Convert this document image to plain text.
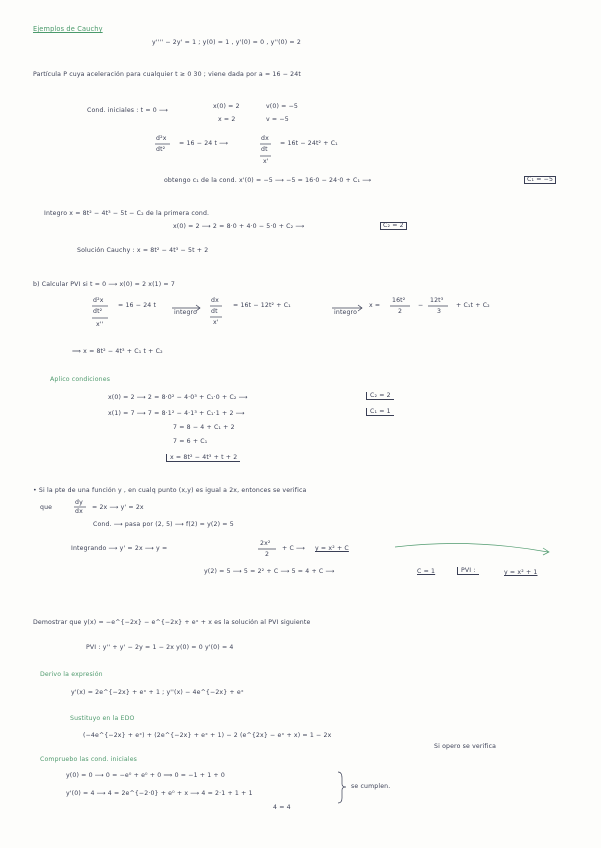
Ejemplos de Cauchy
y'''' − 2y' = 1 ; y(0) = 1 , y'(0) = 0 , y''(0) = 2
Partícula P cuya aceleración para cualquier t ≥ 0 30 ; viene dada por a = 16 − 24t
Cond. iniciales : t = 0 ⟶
x(0) = 2	v(0) = −5
x = 2	v = −5
d²x
dt²
= 16 − 24 t ⟶
dx
dt
x'
= 16t − 24t² + C₁
obtengo c₁ de la cond. x'(0) = −5 ⟶ −5 = 16·0 − 24·0 + C₁ ⟶	C₁ = −5
Integro x = 8t² − 4t³ − 5t − C₂ de la primera cond.
x(0) = 2 ⟶ 2 = 8·0 + 4·0 − 5·0 + C₂ ⟶	C₂ = 2
Solución Cauchy : x = 8t² − 4t³ − 5t + 2
b) Calcular PVI si t = 0 ⟶ x(0) = 2 x(1) = 7
d²x
dt²
x''
= 16 − 24 t
integro
dx
dt
x'
= 16t − 12t² + C₁
integro
x =
16t²
2
−
12t³
3
+ C₁t + C₂
⟹ x = 8t² − 4t³ + C₁ t + C₂
Aplico condiciones
x(0) = 2 ⟶ 2 = 8·0² − 4·0³ + C₁·0 + C₂ ⟶	C₂ = 2
x(1) = 7 ⟶ 7 = 8·1² − 4·1³ + C₁·1 + 2 ⟶	C₁ = 1
7 = 8 − 4 + C₁ + 2
7 = 6 + C₁
x = 8t² − 4t³ + t + 2
• Si la pte de una función y , en cualq punto (x,y) es igual a 2x, entonces se verifica
que
dy
dx
= 2x ⟶ y' = 2x
Cond. ⟶ pasa por (2, 5) ⟶ f(2) = y(2) = 5
Integrando ⟶ y' = 2x ⟶ y =
2x²
2
+ C ⟶ y = x² + C
y(2) = 5 ⟶ 5 = 2² + C ⟶ 5 = 4 + C ⟶	C = 1	PVI :	y = x² + 1
Demostrar que y(x) = −e^{−2x} − e^{−2x} + eˣ + x es la solución al PVI siguiente
PVI : y'' + y' − 2y = 1 − 2x y(0) = 0 y'(0) = 4
Derivo la expresión
y'(x) = 2e^{−2x} + eˣ + 1 ; y''(x) − 4e^{−2x} + eˣ
Sustituyo en la EDO
(−4e^{−2x} + eˣ) + (2e^{−2x} + eˣ + 1) − 2 (e^{2x} − eˣ + x) = 1 − 2x
Si opero se verifica
Compruebo las cond. iniciales
y(0) = 0 ⟶ 0 = −e⁰ + e⁰ + 0 ⟹ 0 = −1 + 1 + 0
y'(0) = 4 ⟶ 4 = 2e^{−2·0} + e⁰ + x ⟶ 4 = 2·1 + 1 + 1
4 = 4
se cumplen.
